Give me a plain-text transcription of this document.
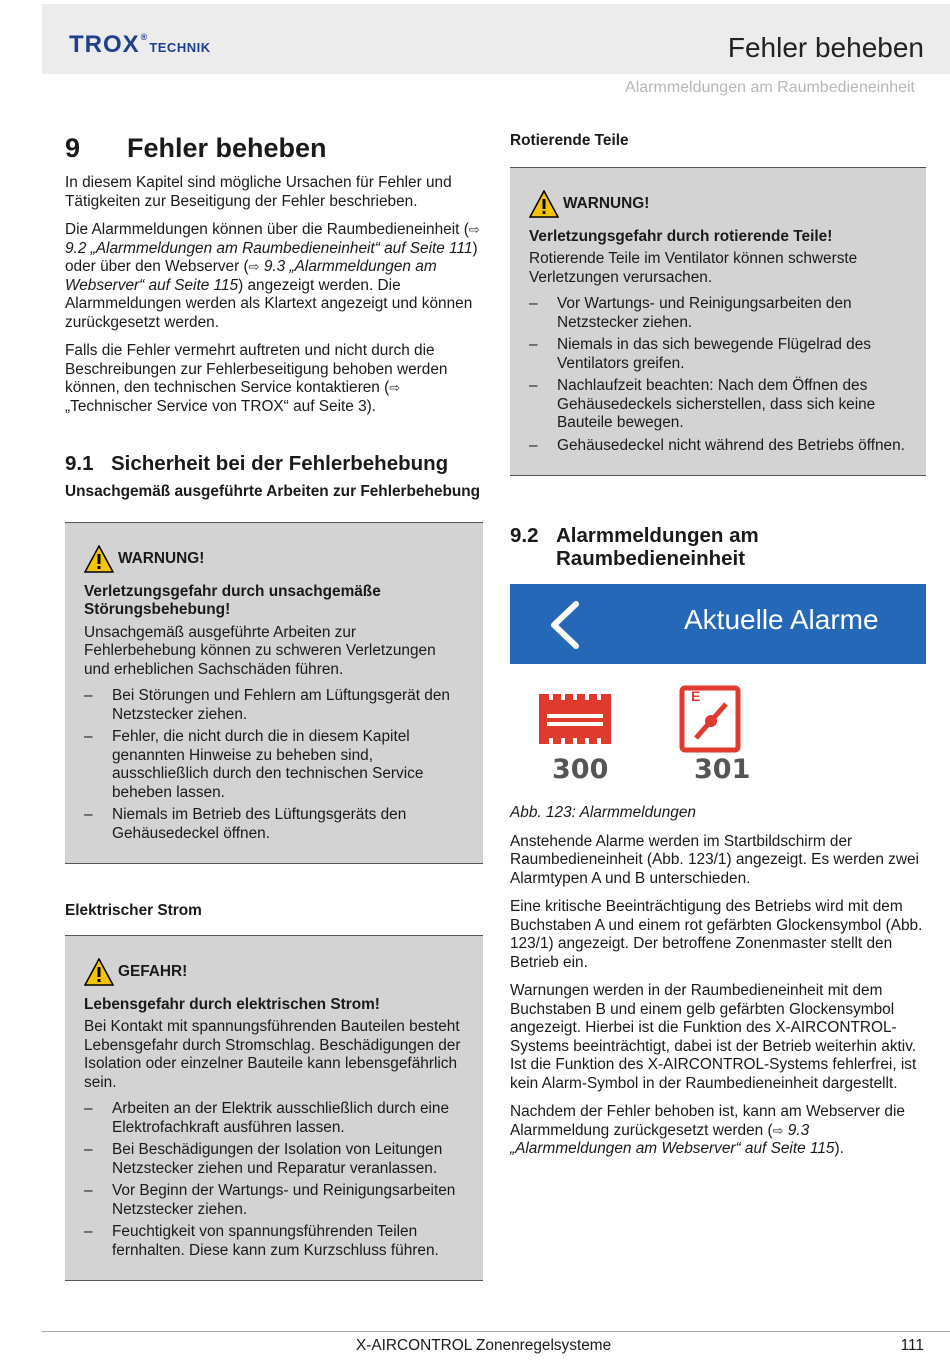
TROX ®
TECHNIK	Fehler beheben
Alarmmeldungen am Raumbedieneinheit
9	Fehler beheben

In diesem Kapitel sind mögliche Ursachen für Fehler und Tätigkeiten zur Beseitigung der Fehler beschrieben.

Die Alarmmeldungen können über die Raumbedieneinheit (⇨ 9.2 „Alarmmeldungen am Raumbedieneinheit“ auf Seite 111) oder über den Webserver (⇨ 9.3 „Alarmmeldungen am Webserver“ auf Seite 115) angezeigt werden. Die Alarmmeldungen werden als Klartext angezeigt und können zurückgesetzt werden.

Falls die Fehler vermehrt auftreten und nicht durch die Beschreibungen zur Fehlerbeseitigung behoben werden können, den technischen Service kontaktieren (⇨ „Technischer Service von TROX“ auf Seite 3).

9.1 Sicherheit bei der Fehlerbehebung
Unsachgemäß ausgeführte Arbeiten zur Fehlerbehebung
WARNUNG!
Verletzungsgefahr durch unsachgemäße Störungsbehebung!

Unsachgemäß ausgeführte Arbeiten zur Fehlerbehebung können zu schweren Verletzungen und erheblichen Sachschäden führen.

– Bei Störungen und Fehlern am Lüftungsgerät den Netzstecker ziehen.
– Fehler, die nicht durch die in diesem Kapitel genannten Hinweise zu beheben sind, ausschließlich durch den technischen Service beheben lassen.
– Niemals im Betrieb des Lüftungsgeräts den Gehäusedeckel öffnen.
Elektrischer Strom
GEFAHR!
Lebensgefahr durch elektrischen Strom!

Bei Kontakt mit spannungsführenden Bauteilen besteht Lebensgefahr durch Stromschlag. Beschädigungen der Isolation oder einzelner Bauteile kann lebensgefährlich sein.

– Arbeiten an der Elektrik ausschließlich durch eine Elektrofachkraft ausführen lassen.
– Bei Beschädigungen der Isolation von Leitungen Netzstecker ziehen und Reparatur veranlassen.
– Vor Beginn der Wartungs- und Reinigungsarbeiten Netzstecker ziehen.
– Feuchtigkeit von spannungsführenden Teilen fernhalten. Diese kann zum Kurzschluss führen.
Rotierende Teile
WARNUNG!
Verletzungsgefahr durch rotierende Teile!

Rotierende Teile im Ventilator können schwerste Verletzungen verursachen.

– Vor Wartungs- und Reinigungsarbeiten den Netzstecker ziehen.
– Niemals in das sich bewegende Flügelrad des Ventilators greifen.
– Nachlaufzeit beachten: Nach dem Öffnen des Gehäusedeckels sicherstellen, dass sich keine Bauteile bewegen.
– Gehäusedeckel nicht während des Betriebs öffnen.
9.2 Alarmmeldungen am Raumbedieneinheit
Aktuelle Alarme
300
E
301

Abb. 123: Alarmmeldungen

Anstehende Alarme werden im Startbildschirm der Raumbedieneinheit (Abb. 123/1) angezeigt. Es werden zwei Alarmtypen A und B unterschieden.

Eine kritische Beeinträchtigung des Betriebs wird mit dem Buchstaben A und einem rot gefärbten Glockensymbol (Abb. 123/1) angezeigt. Der betroffene Zonenmaster stellt den Betrieb ein.

Warnungen werden in der Raumbedieneinheit mit dem Buchstaben B und einem gelb gefärbten Glockensymbol angezeigt. Hierbei ist die Funktion des X-AIRCONTROL-Systems beeinträchtigt, dabei ist der Betrieb weiterhin aktiv. Ist die Funktion des X-AIRCONTROL-Systems fehlerfrei, ist kein Alarm-Symbol in der Raumbedieneinheit dargestellt.

Nachdem der Fehler behoben ist, kann am Webserver die Alarmmeldung zurückgesetzt werden (⇨ 9.3 „Alarmmeldungen am Webserver“ auf Seite 115).

X-AIRCONTROL Zonenregelsysteme	111
